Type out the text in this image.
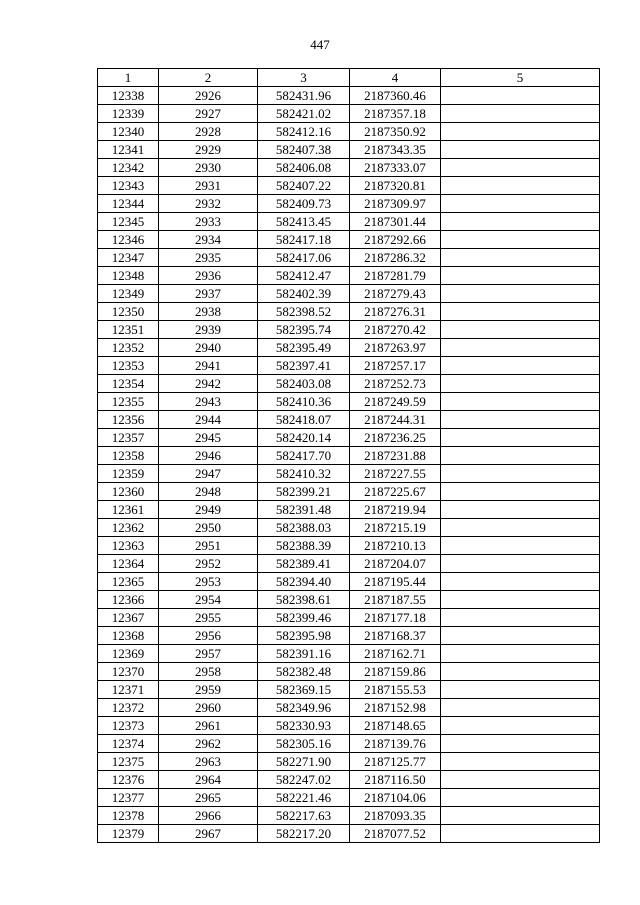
447
1	2	3	4	5
12338	2926	582431.96	2187360.46	
12339	2927	582421.02	2187357.18	
12340	2928	582412.16	2187350.92	
12341	2929	582407.38	2187343.35	
12342	2930	582406.08	2187333.07	
12343	2931	582407.22	2187320.81	
12344	2932	582409.73	2187309.97	
12345	2933	582413.45	2187301.44	
12346	2934	582417.18	2187292.66	
12347	2935	582417.06	2187286.32	
12348	2936	582412.47	2187281.79	
12349	2937	582402.39	2187279.43	
12350	2938	582398.52	2187276.31	
12351	2939	582395.74	2187270.42	
12352	2940	582395.49	2187263.97	
12353	2941	582397.41	2187257.17	
12354	2942	582403.08	2187252.73	
12355	2943	582410.36	2187249.59	
12356	2944	582418.07	2187244.31	
12357	2945	582420.14	2187236.25	
12358	2946	582417.70	2187231.88	
12359	2947	582410.32	2187227.55	
12360	2948	582399.21	2187225.67	
12361	2949	582391.48	2187219.94	
12362	2950	582388.03	2187215.19	
12363	2951	582388.39	2187210.13	
12364	2952	582389.41	2187204.07	
12365	2953	582394.40	2187195.44	
12366	2954	582398.61	2187187.55	
12367	2955	582399.46	2187177.18	
12368	2956	582395.98	2187168.37	
12369	2957	582391.16	2187162.71	
12370	2958	582382.48	2187159.86	
12371	2959	582369.15	2187155.53	
12372	2960	582349.96	2187152.98	
12373	2961	582330.93	2187148.65	
12374	2962	582305.16	2187139.76	
12375	2963	582271.90	2187125.77	
12376	2964	582247.02	2187116.50	
12377	2965	582221.46	2187104.06	
12378	2966	582217.63	2187093.35	
12379	2967	582217.20	2187077.52	
